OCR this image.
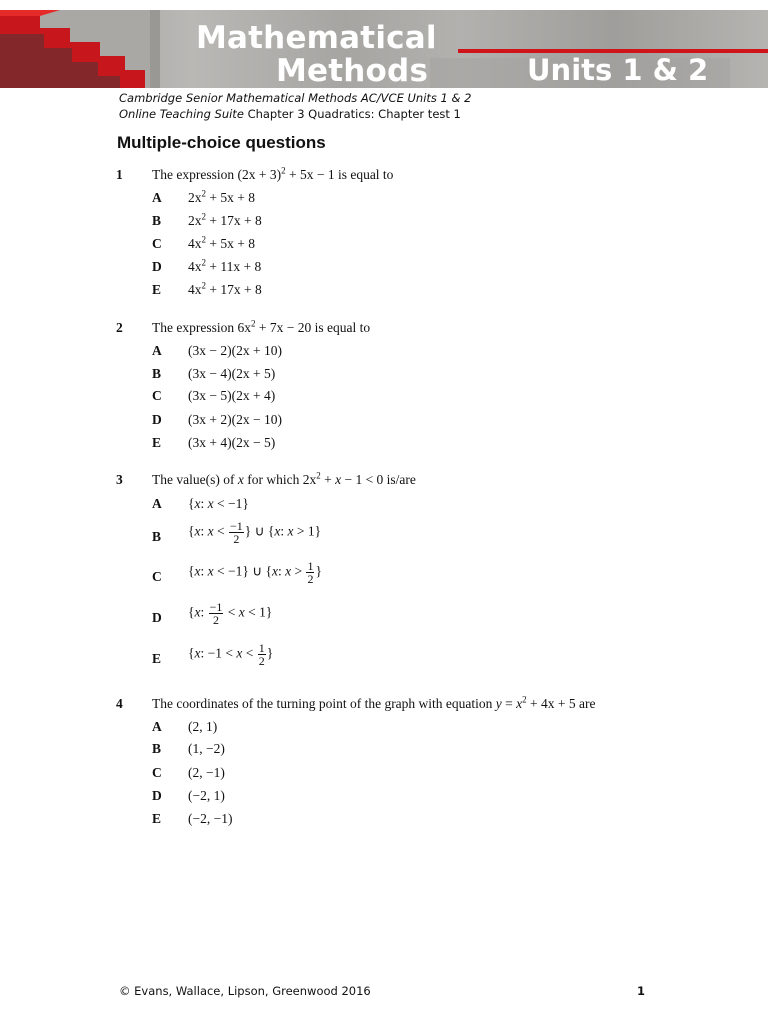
Mathematical
Methods	Units 1 & 2
Cambridge Senior Mathematical Methods AC/VCE Units 1 & 2
Online Teaching Suite Chapter 3 Quadratics: Chapter test 1
Multiple-choice questions
1 The expression $(2x + 3)^2 + 5x - 1$ is equal to
A $2x^2 + 5x + 8$
B $2x^2 + 17x + 8$
C $4x^2 + 5x + 8$
D $4x^2 + 11x + 8$
E $4x^2 + 17x + 8$
2 The expression $6x^2 + 7x - 20$ is equal to
A (3x − 2)(2x + 10)
B (3x − 4)(2x + 5)
C (3x − 5)(2x + 4)
D (3x + 2)(2x − 10)
E (3x + 4)(2x − 5)
3 The value(s) of x for which $2x^2 + x - 1 < 0$ is/are
A {x: x < −1}
B {x: $x < \frac{-1}{2}$ } ∪ {x: x > 1}
C {x: x < −1} ∪ {x: $x > \frac{1}{2}$ }
D {x: $\frac{-1}{2} < x < 1$}
E {x: $-1 < x < \frac{1}{2}$ }
4 The coordinates of the turning point of the graph with equation $y = x^2 + 4x + 5$ are
A (2, 1)
B (1, −2)
C (2, −1)
D (−2, 1)
E (−2, −1)
© Evans, Wallace, Lipson, Greenwood 2016	1
